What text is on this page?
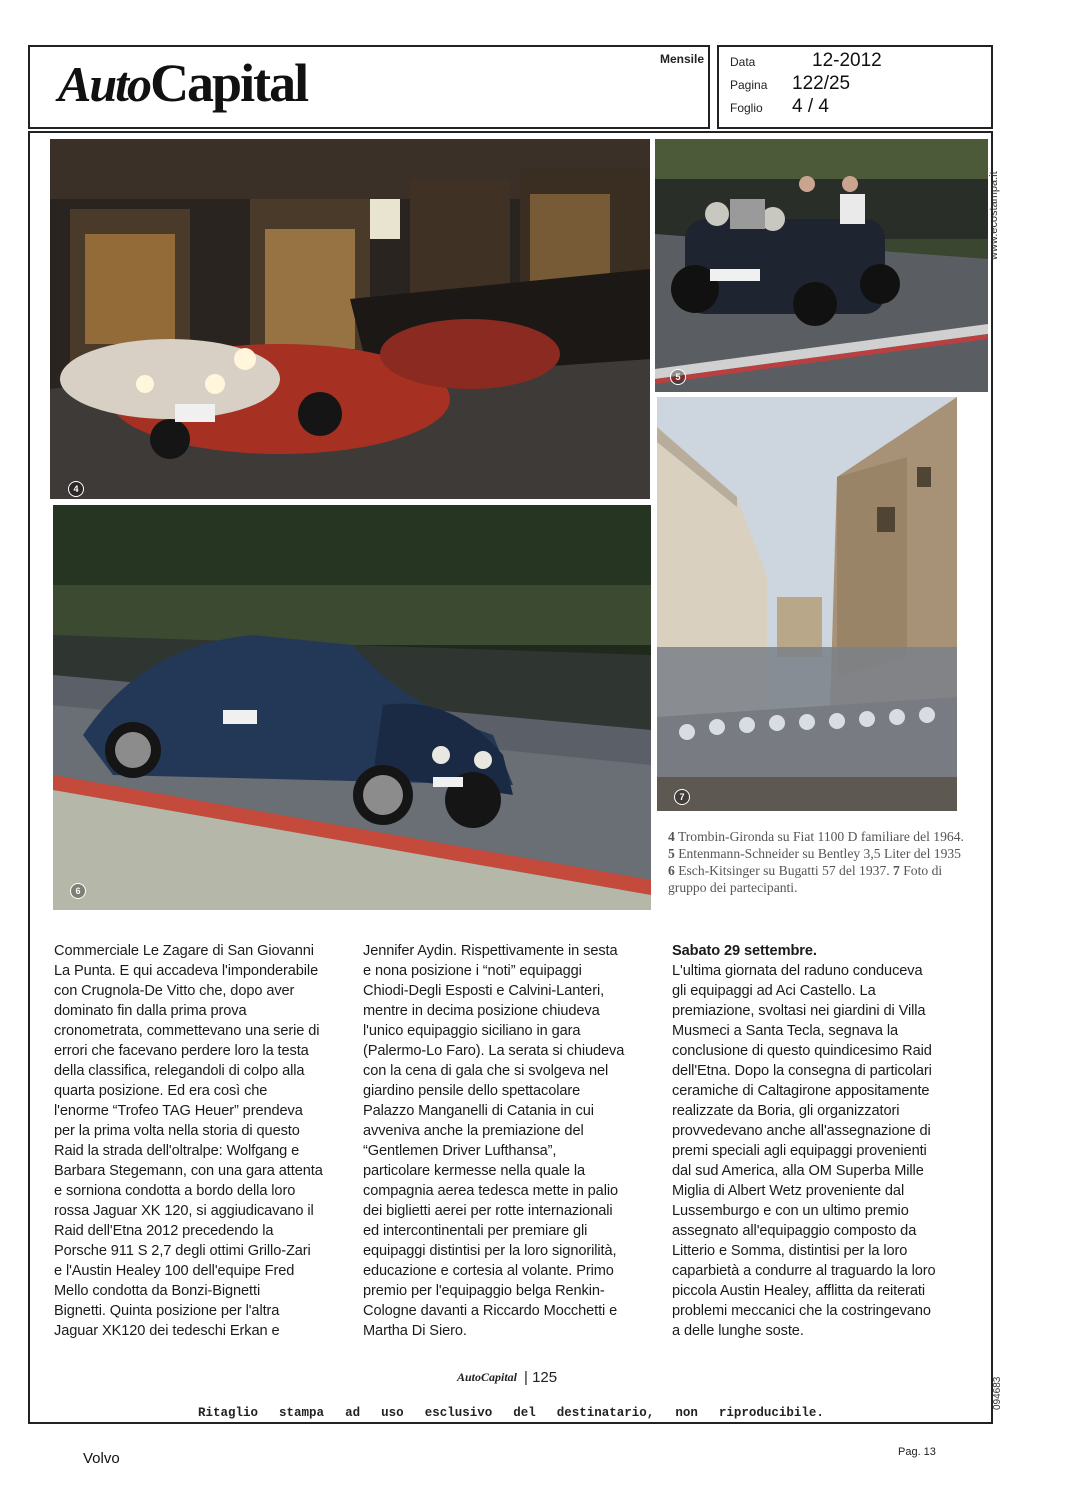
AutoCapital	Mensile Data	12-2012
Pagina 122/25
Foglio 4 / 4
www.ecostampa.it
094683
4
5
7
6
4 Trombin-Gironda su Fiat 1100 D familiare del 1964. 5 Entenmann-Schneider su Bentley 3,5 Liter del 1935 6 Esch-Kitsinger su Bugatti 57 del 1937. 7 Foto di gruppo dei partecipanti.

Commerciale Le Zagare di San Giovanni

La Punta. E qui accadeva l'imponderabile

con Crugnola-De Vitto che, dopo aver

dominato fin dalla prima prova

cronometrata, commettevano una serie di

errori che facevano perdere loro la testa

della classifica, relegandoli di colpo alla

quarta posizione. Ed era così che

l'enorme “Trofeo TAG Heuer” prendeva

per la prima volta nella storia di questo

Raid la strada dell'oltralpe: Wolfgang e

Barbara Stegemann, con una gara attenta

e sorniona condotta a bordo della loro

rossa Jaguar XK 120, si aggiudicavano il

Raid dell'Etna 2012 precedendo la

Porsche 911 S 2,7 degli ottimi Grillo-Zari

e l'Austin Healey 100 dell'equipe Fred

Mello condotta da Bonzi-Bignetti

Bignetti. Quinta posizione per l'altra

Jaguar XK120 dei tedeschi Erkan e

Jennifer Aydin. Rispettivamente in sesta

e nona posizione i “noti” equipaggi

Chiodi-Degli Esposti e Calvini-Lanteri,

mentre in decima posizione chiudeva

l'unico equipaggio siciliano in gara

(Palermo-Lo Faro). La serata si chiudeva

con la cena di gala che si svolgeva nel

giardino pensile dello spettacolare

Palazzo Manganelli di Catania in cui

avveniva anche la premiazione del

“Gentlemen Driver Lufthansa”,

particolare kermesse nella quale la

compagnia aerea tedesca mette in palio

dei biglietti aerei per rotte internazionali

ed intercontinentali per premiare gli

equipaggi distintisi per la loro signorilità,

educazione e cortesia al volante. Primo

premio per l'equipaggio belga Renkin-

Cologne davanti a Riccardo Mocchetti e

Martha Di Siero.

Sabato 29 settembre.

L'ultima giornata del raduno conduceva

gli equipaggi ad Aci Castello. La

premiazione, svoltasi nei giardini di Villa

Musmeci a Santa Tecla, segnava la

conclusione di questo quindicesimo Raid

dell'Etna. Dopo la consegna di particolari

ceramiche di Caltagirone appositamente

realizzate da Boria, gli organizzatori

provvedevano anche all'assegnazione di

premi speciali agli equipaggi provenienti

dal sud America, alla OM Superba Mille

Miglia di Albert Wetz proveniente dal

Lussemburgo e con un ultimo premio

assegnato all'equipaggio composto da

Litterio e Somma, distintisi per la loro

caparbietà a condurre al traguardo la loro

piccola Austin Healey, afflitta da reiterati

problemi meccanici che la costringevano

a delle lunghe soste.

AutoCapital | 125
Ritaglio stampa ad uso esclusivo del destinatario, non riproducibile.
Volvo	Pag. 13
